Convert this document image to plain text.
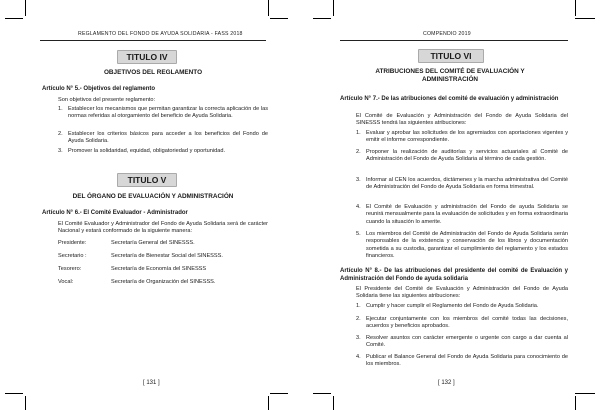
REGLAMENTO DEL FONDO DE AYUDA SOLIDARIA - FASS 2018
TITULO IV
OBJETIVOS DEL REGLAMENTO
Artículo N° 5.- Objetivos del reglamento
Son objetivos del presente reglamento:
1. Establecer los mecanismos que permitan garantizar la correcta aplicación de las normas referidas al otorgamiento del beneficio de Ayuda Solidaria.
2. Establecer los criterios básicos para acceder a los beneficios del Fondo de Ayuda Solidaria.
3. Promover la solidaridad, equidad, obligatoriedad y oportunidad.
TITULO V
DEL ÓRGANO DE EVALUACIÓN Y ADMINISTRACIÓN
Artículo N° 6.- El Comité Evaluador - Administrador
El Comité Evaluador y Administrador del Fondo de Ayuda Solidaria será de carácter Nacional y estará conformado de la siguiente manera:
Presidente:	Secretaría General del SINESSS.
Secretario :	Secretaría de Bienestar Social del SINESSS.
Tesorero:	Secretaría de Economía del SINESSS
Vocal:	Secretaría de Organización del SINESSS.
[ 131 ]
COMPENDIO 2019
TITULO VI
ATRIBUCIONES DEL COMITÉ DE EVALUACIÓN Y ADMINISTRACIÓN
Artículo N° 7.- De las atribuciones del comité de evaluación y administración
El Comité de Evaluación y Administración del Fondo de Ayuda Solidaria del SINESSS tendrá las siguientes atribuciones:
1. Evaluar y aprobar las solicitudes de los agremiados con aportaciones vigentes y emitir el informe correspondiente.
2. Proponer la realización de auditorías y servicios actuariales al Comité de Administración del Fondo de Ayuda Solidaria al término de cada gestión.
3. Informar al CEN los acuerdos, dictámenes y la marcha administrativa del Comité de Administración del Fondo de Ayuda Solidaria en forma trimestral.
4. El Comité de Evaluación y administración del Fondo de ayuda Solidaria se reunirá mensualmente para la evaluación de solicitudes y en forma extraordinaria cuando la situación lo amerite.
5. Los miembros del Comité de Administración del Fondo de Ayuda Solidaria serán responsables de la existencia y conservación de los libros y documentación sometida a su custodia, garantizar el cumplimiento del reglamento y los estados financieros.
Artículo N° 8.- De las atribuciones del presidente del comité de Evaluación y Administración del Fondo de ayuda solidaria
El Presidente del Comité de Evaluación y Administración del Fondo de Ayuda Solidaria tiene las siguientes atribuciones:
1. Cumplir y hacer cumplir el Reglamento del Fondo de Ayuda Solidaria.
2. Ejecutar conjuntamente con los miembros del comité todas las decisiones, acuerdos y beneficios aprobados.
3. Resolver asuntos con carácter emergente o urgente con cargo a dar cuenta al Comité.
4. Publicar el Balance General del Fondo de Ayuda Solidaria para conocimiento de los miembros.
[ 132 ]
